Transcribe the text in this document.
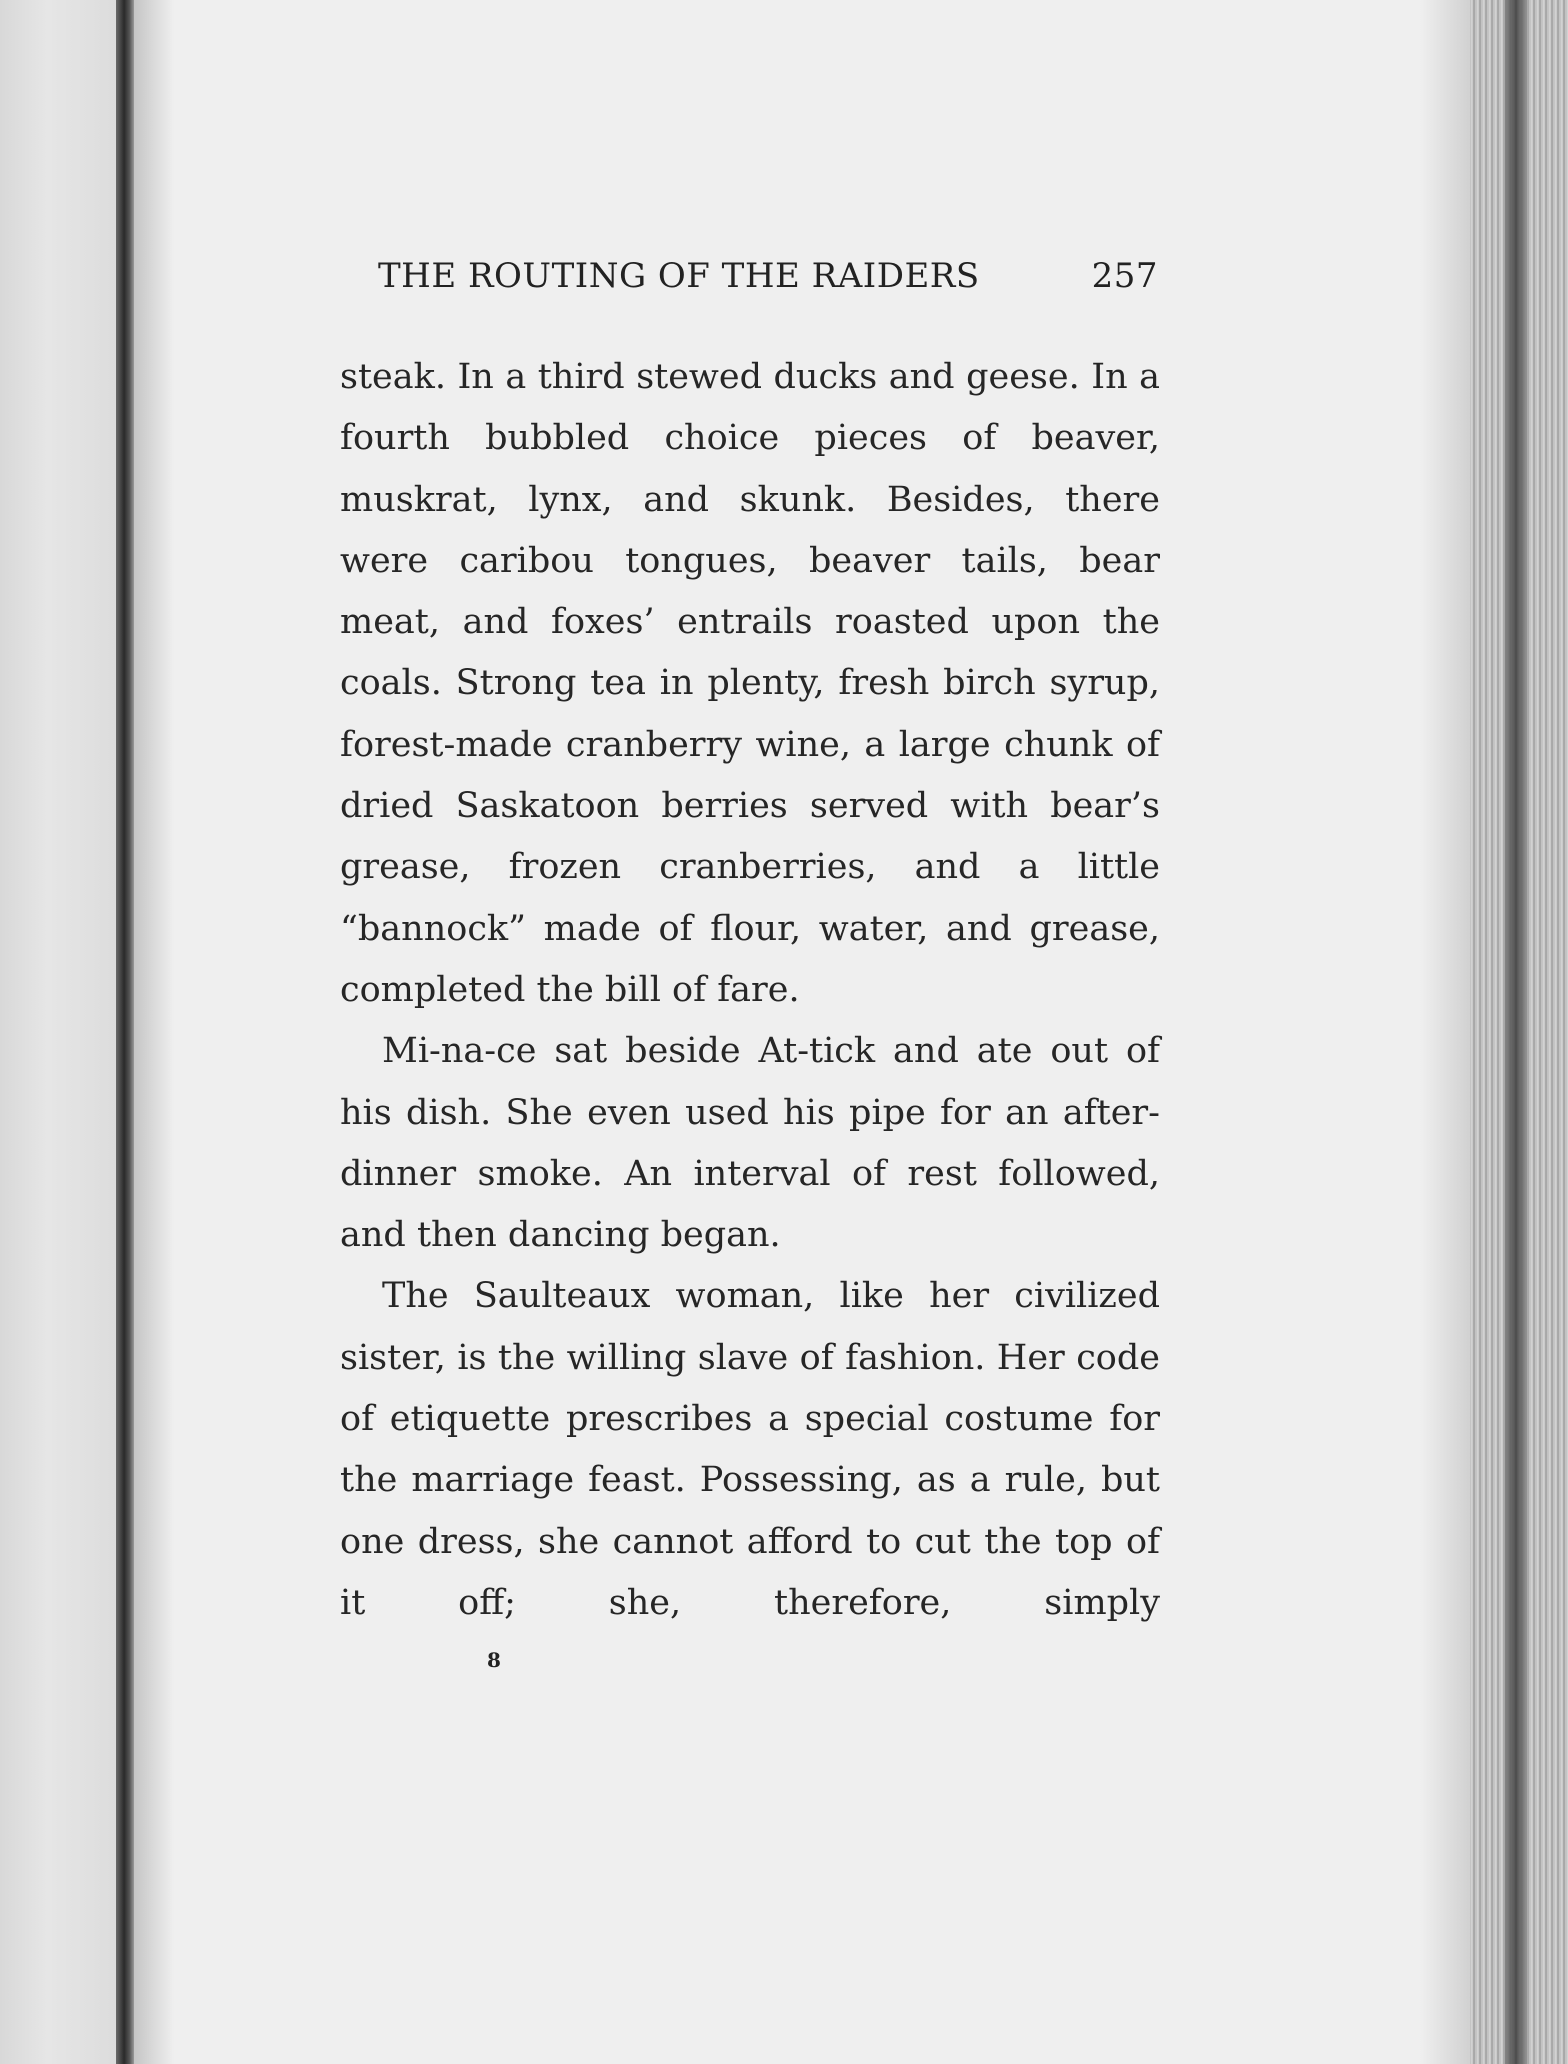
THE ROUTING OF THE RAIDERS	257

steak. In a third stewed ducks and geese. In a fourth bubbled choice pieces of beaver, muskrat, lynx, and skunk. Besides, there were caribou tongues, beaver tails, bear meat, and foxes’ entrails roasted upon the coals. Strong tea in plenty, fresh birch syrup, forest-made cranberry wine, a large chunk of dried Saskatoon berries served with bear’s grease, frozen cranberries, and a little “bannock” made of flour, water, and grease, completed the bill of fare.

Mi-na-ce sat beside At-tick and ate out of his dish. She even used his pipe for an after-dinner smoke. An interval of rest followed, and then dancing began.

The Saulteaux woman, like her civilized sister, is the willing slave of fashion. Her code of etiquette prescribes a special costume for the marriage feast. Possessing, as a rule, but one dress, she cannot afford to cut the top of it off; she, therefore, simply

8
